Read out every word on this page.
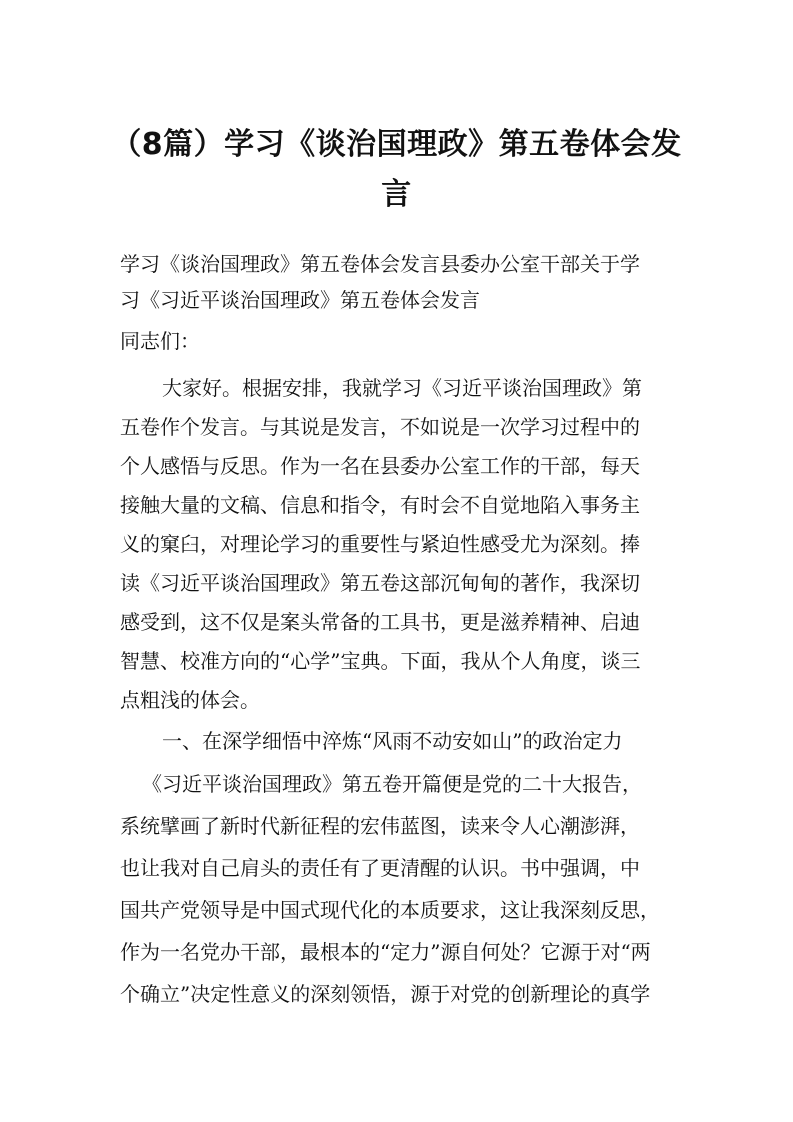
（8篇）学习《谈治国理政》第五卷体会发
言
学习《谈治国理政》第五卷体会发言县委办公室干部关于学
习《习近平谈治国理政》第五卷体会发言
同志们：
大家好。根据安排，我就学习《习近平谈治国理政》第
五卷作个发言。与其说是发言，不如说是一次学习过程中的
个人感悟与反思。作为一名在县委办公室工作的干部，每天
接触大量的文稿、信息和指令，有时会不自觉地陷入事务主
义的窠臼，对理论学习的重要性与紧迫性感受尤为深刻。捧
读《习近平谈治国理政》第五卷这部沉甸甸的著作，我深切
感受到，这不仅是案头常备的工具书，更是滋养精神、启迪
智慧、校准方向的“心学”宝典。下面，我从个人角度，谈三
点粗浅的体会。
一、在深学细悟中淬炼“风雨不动安如山”的政治定力
《习近平谈治国理政》第五卷开篇便是党的二十大报告，
系统擘画了新时代新征程的宏伟蓝图，读来令人心潮澎湃，
也让我对自己肩头的责任有了更清醒的认识。书中强调，中
国共产党领导是中国式现代化的本质要求，这让我深刻反思，
作为一名党办干部，最根本的“定力”源自何处？它源于对“两
个确立”决定性意义的深刻领悟，源于对党的创新理论的真学
